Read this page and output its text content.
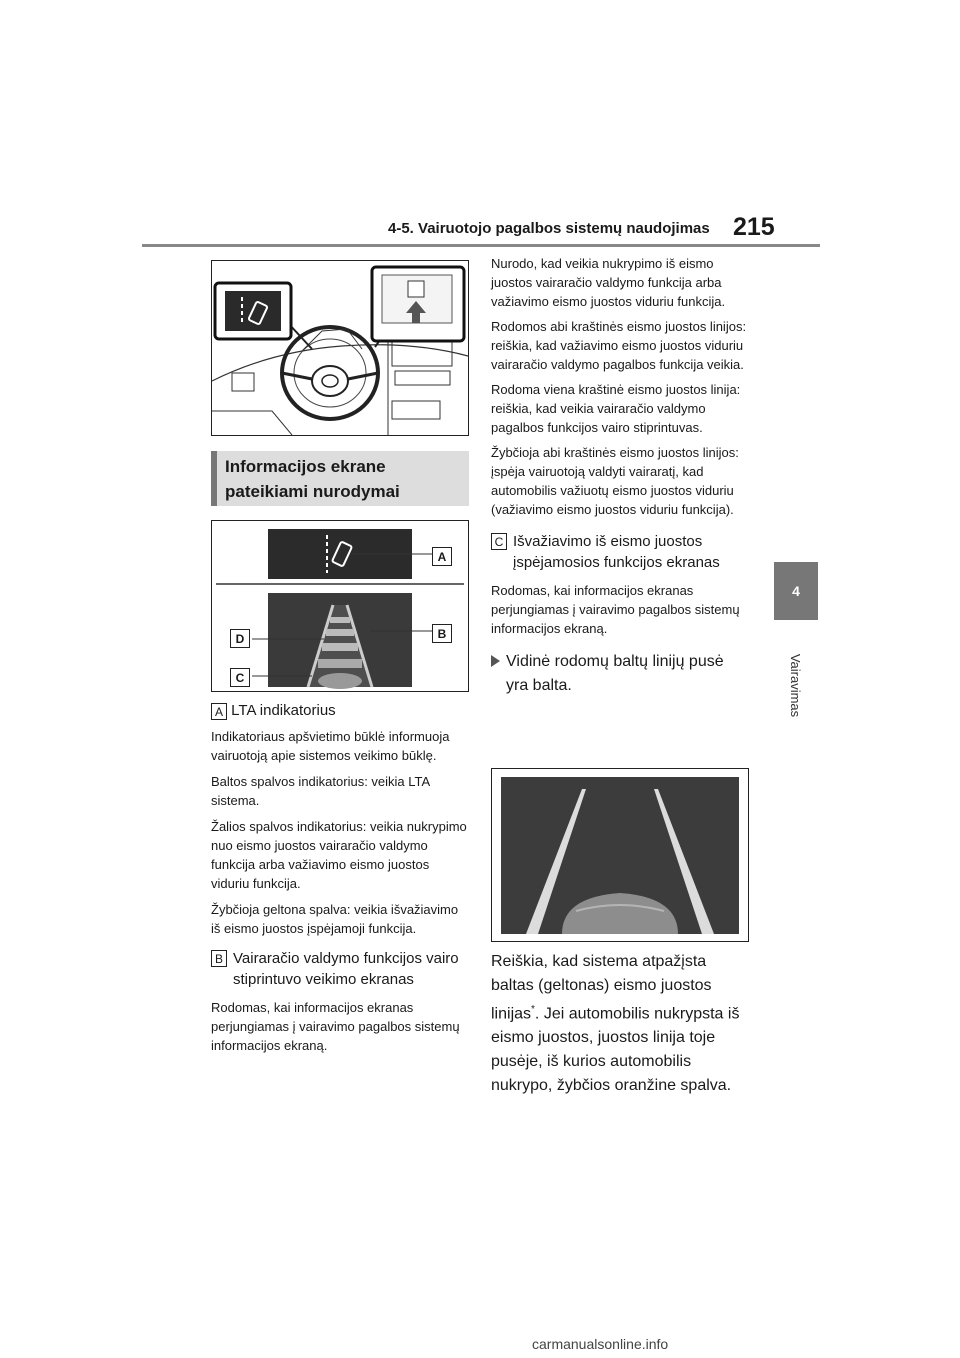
4-5. Vairuotojo pagalbos sistemų naudojimas 215
4
Vairavimas
Informacijos ekrane pateikiami nurodymai
A
B
D
C
A LTA indikatorius
Indikatoriaus apšvietimo būklė informuoja vairuotoją apie sistemos veikimo būklę.
Baltos spalvos indikatorius: veikia LTA sistema.
Žalios spalvos indikatorius: veikia nukrypimo nuo eismo juostos vairaračio valdymo funkcija arba važiavimo eismo juostos viduriu funkcija.
Žybčioja geltona spalva: veikia išvažiavimo iš eismo juostos įspėjamoji funkcija.
B Vairaračio valdymo funkcijos vairo stiprintuvo veikimo ekranas
Rodomas, kai informacijos ekranas perjungiamas į vairavimo pagalbos sistemų informacijos ekraną.
Nurodo, kad veikia nukrypimo iš eismo juostos vairaračio valdymo funkcija arba važiavimo eismo juostos viduriu funkcija.
Rodomos abi kraštinės eismo juostos linijos: reiškia, kad važiavimo eismo juostos viduriu vairaračio valdymo pagalbos funkcija veikia.
Rodoma viena kraštinė eismo juostos linija: reiškia, kad veikia vairaračio valdymo pagalbos funkcijos vairo stiprintuvas.
Žybčioja abi kraštinės eismo juostos linijos: įspėja vairuotoją valdyti vairaratį, kad automobilis važiuotų eismo juostos viduriu (važiavimo eismo juostos viduriu funkcija).
C Išvažiavimo iš eismo juostos įspėjamosios funkcijos ekranas
Rodomas, kai informacijos ekranas perjungiamas į vairavimo pagalbos sistemų informacijos ekraną.
Vidinė rodomų baltų linijų pusė yra balta.
Reiškia, kad sistema atpažįsta baltas (geltonas) eismo juostos linijas*. Jei automobilis nukrypsta iš eismo juostos, juostos linija toje pusėje, iš kurios automobilis nukrypo, žybčios oranžine spalva.
carmanualsonline.info
